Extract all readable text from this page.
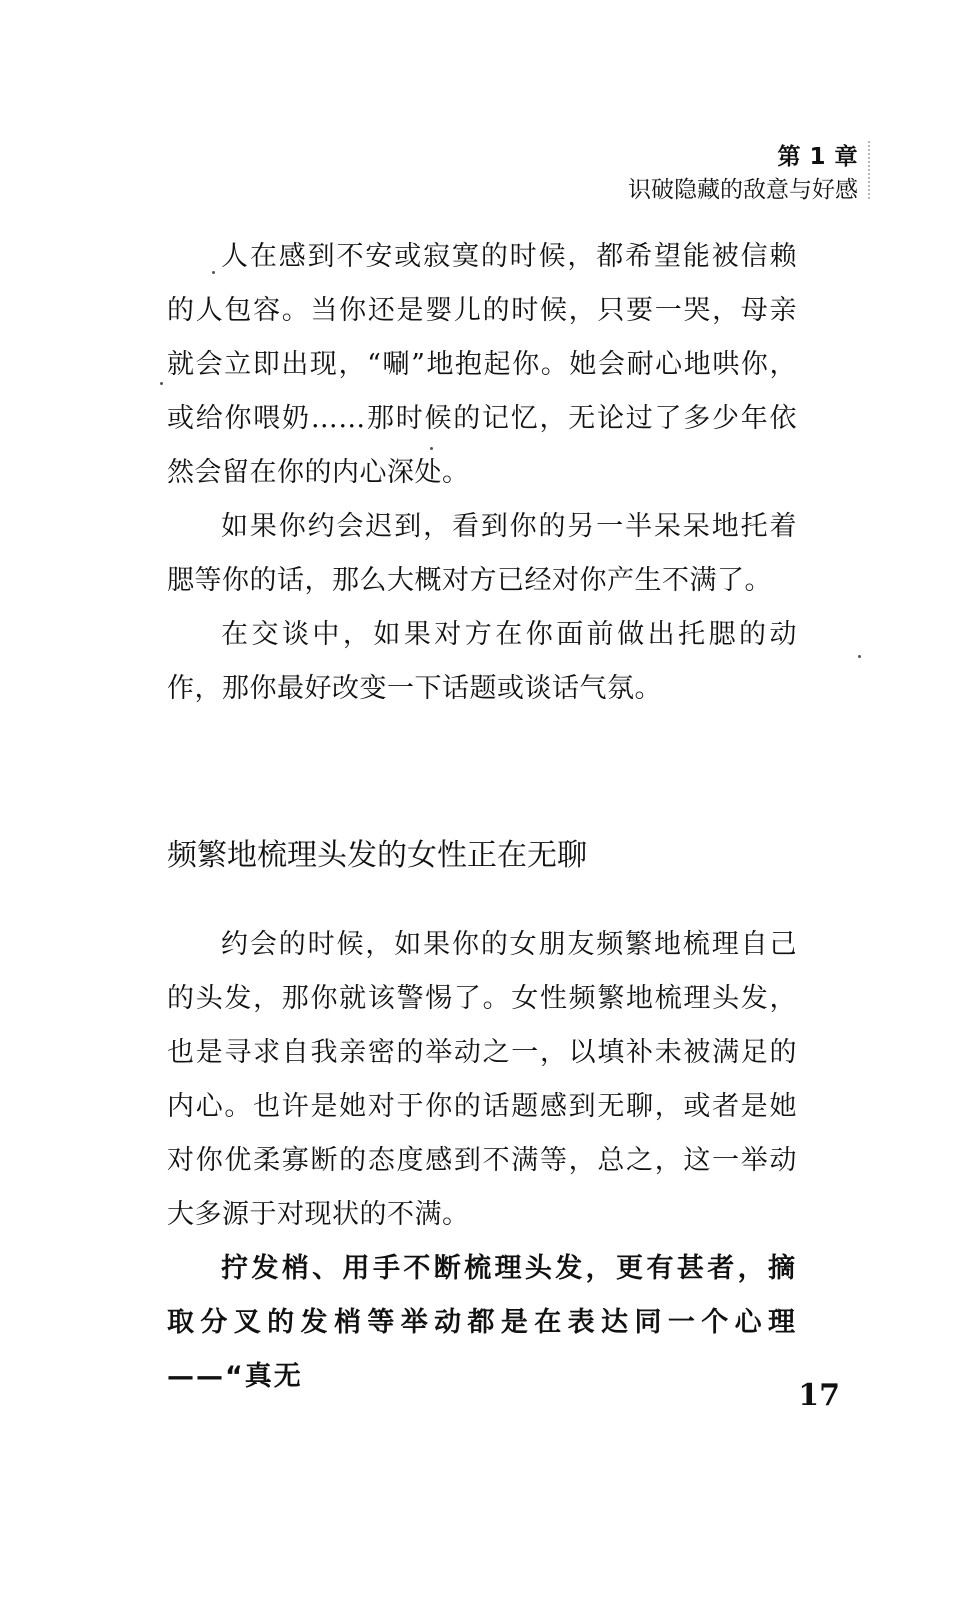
第 1 章
识破隐藏的敌意与好感

人在感到不安或寂寞的时候，都希望能被信赖的人包容。当你还是婴儿的时候，只要一哭，母亲就会立即出现，“唰”地抱起你。她会耐心地哄你，或给你喂奶……那时候的记忆，无论过了多少年依然会留在你的内心深处。

如果你约会迟到，看到你的另一半呆呆地托着腮等你的话，那么大概对方已经对你产生不满了。

在交谈中，如果对方在你面前做出托腮的动作，那你最好改变一下话题或谈话气氛。

频繁地梳理头发的女性正在无聊

约会的时候，如果你的女朋友频繁地梳理自己的头发，那你就该警惕了。女性频繁地梳理头发，也是寻求自我亲密的举动之一，以填补未被满足的内心。也许是她对于你的话题感到无聊，或者是她对你优柔寡断的态度感到不满等，总之，这一举动大多源于对现状的不满。

拧发梢、用手不断梳理头发，更有甚者，摘取分叉的发梢等举动都是在表达同一个心理——“真无

17
